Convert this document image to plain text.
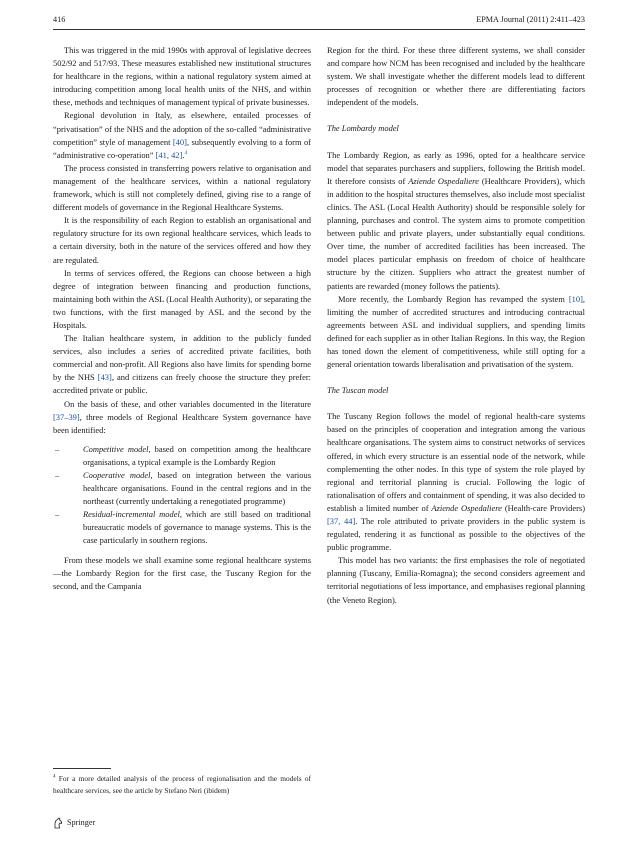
416	EPMA Journal (2011) 2:411–423

This was triggered in the mid 1990s with approval of legislative decrees 502/92 and 517/93. These measures established new institutional structures for healthcare in the regions, within a national regulatory system aimed at introducing competition among local health units of the NHS, and within these, methods and techniques of management typical of private businesses.

Regional devolution in Italy, as elsewhere, entailed processes of “privatisation” of the NHS and the adoption of the so-called “administrative competition” style of management [40], subsequently evolving to a form of “administrative co-operation” [41, 42].$^4$

The process consisted in transferring powers relative to organisation and management of the healthcare services, within a national regulatory framework, which is still not completely defined, giving rise to a range of different models of governance in the Regional Healthcare Systems.

It is the responsibility of each Region to establish an organisational and regulatory structure for its own regional healthcare services, which leads to a certain diversity, both in the nature of the services offered and how they are regulated.

In terms of services offered, the Regions can choose between a high degree of integration between financing and production functions, maintaining both within the ASL (Local Health Authority), or separating the two functions, with the first managed by ASL and the second by the Hospitals.

The Italian healthcare system, in addition to the publicly funded services, also includes a series of accredited private facilities, both commercial and non-profit. All Regions also have limits for spending borne by the NHS [43], and citizens can freely choose the structure they prefer: accredited private or public.

On the basis of these, and other variables documented in the literature [37–39], three models of Regional Healthcare System governance have been identified:

–	Competitive model, based on competition among the healthcare organisations, a typical example is the Lombardy Region
–	Cooperative model, based on integration between the various healthcare organisations. Found in the central regions and in the northeast (currently undertaking a renegotiated programme)
–	Residual-incremental model, which are still based on traditional bureaucratic models of governance to manage systems. This is the case particularly in southern regions.

From these models we shall examine some regional healthcare systems—the Lombardy Region for the first case, the Tuscany Region for the second, and the Campania

$^4$ For a more detailed analysis of the process of regionalisation and the models of healthcare services, see the article by Stefano Neri (ibidem)

Region for the third. For these three different systems, we shall consider and compare how NCM has been recognised and included by the healthcare system. We shall investigate whether the different models lead to different processes of recognition or whether there are differentiating factors independent of the models.

The Lombardy model

The Lombardy Region, as early as 1996, opted for a healthcare service model that separates purchasers and suppliers, following the British model. It therefore consists of Aziende Ospedaliere (Healthcare Providers), which in addition to the hospital structures themselves, also include most specialist clinics. The ASL (Local Health Authority) should be responsible solely for planning, purchases and control. The system aims to promote competition between public and private players, under substantially equal conditions. Over time, the number of accredited facilities has been increased. The model places particular emphasis on freedom of choice of healthcare structure by the citizen. Suppliers who attract the greatest number of patients are rewarded (money follows the patients).

More recently, the Lombardy Region has revamped the system [10], limiting the number of accredited structures and introducing contractual agreements between ASL and individual suppliers, and spending limits defined for each supplier as in other Italian Regions. In this way, the Region has toned down the element of competitiveness, while still opting for a general orientation towards liberalisation and privatisation of the system.

The Tuscan model

The Tuscany Region follows the model of regional health-care systems based on the principles of cooperation and integration among the various healthcare organisations. The system aims to construct networks of services offered, in which every structure is an essential node of the network, while complementing the other nodes. In this type of system the role played by regional and territorial planning is crucial. Following the logic of rationalisation of offers and containment of spending, it was also decided to establish a limited number of Aziende Ospedaliere (Health-care Providers) [37, 44]. The role attributed to private providers in the public system is regulated, rendering it as functional as possible to the objectives of the public programme.

This model has two variants: the first emphasises the role of negotiated planning (Tuscany, Emilia-Romagna); the second considers agreement and territorial negotiations of less importance, and emphasises regional planning (the Veneto Region).

Springer
